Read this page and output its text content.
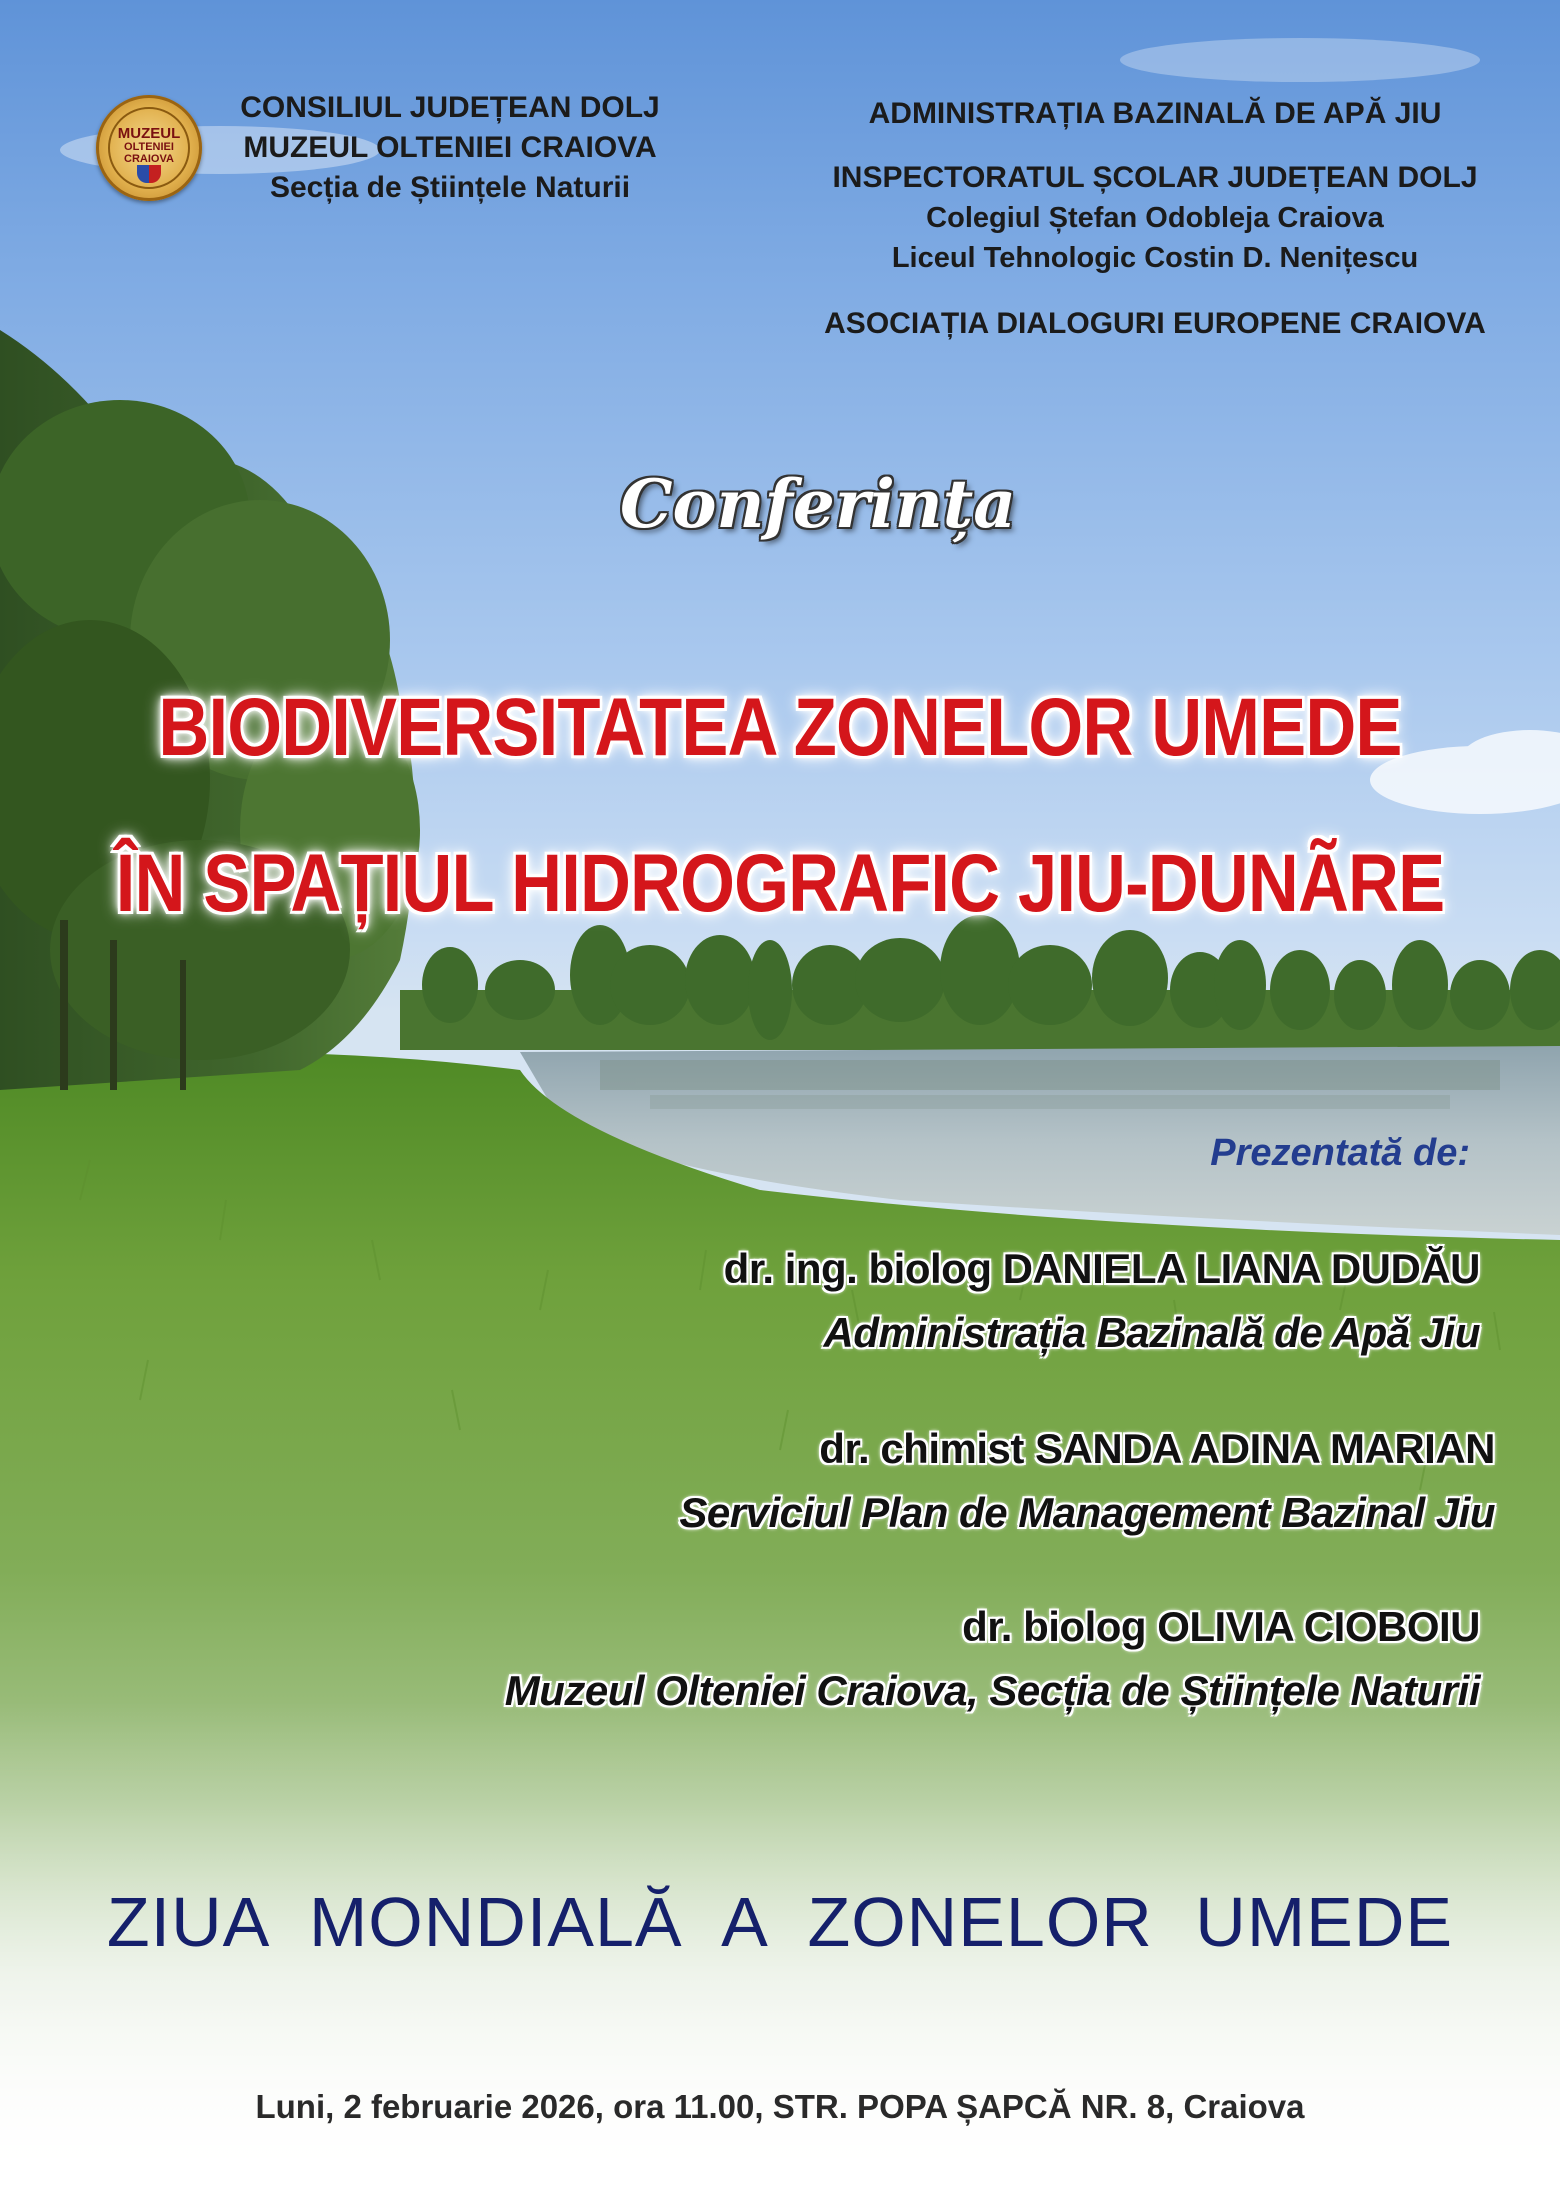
MUZEUL
OLTENIEI
CRAIOVA
CONSILIUL JUDEȚEAN DOLJ
MUZEUL OLTENIEI CRAIOVA
Secția de Științele Naturii
ADMINISTRAȚIA BAZINALĂ DE APĂ JIU
INSPECTORATUL ȘCOLAR JUDEȚEAN DOLJ
Colegiul Ștefan Odobleja Craiova
Liceul Tehnologic Costin D. Nenițescu
ASOCIAȚIA DIALOGURI EUROPENE CRAIOVA
Conferința
BIODIVERSITATEA ZONELOR UMEDE
ÎN SPAȚIUL HIDROGRAFIC JIU-DUNÃRE
Prezentată de:
dr. ing. biolog DANIELA LIANA DUDĂU
Administrația Bazinală de Apă Jiu
dr. chimist SANDA ADINA MARIAN
Serviciul Plan de Management Bazinal Jiu
dr. biolog OLIVIA CIOBOIU
Muzeul Olteniei Craiova, Secția de Științele Naturii
ZIUA MONDIALĂ A ZONELOR UMEDE
Luni, 2 februarie 2026, ora 11.00, STR. POPA ȘAPCĂ NR. 8, Craiova
